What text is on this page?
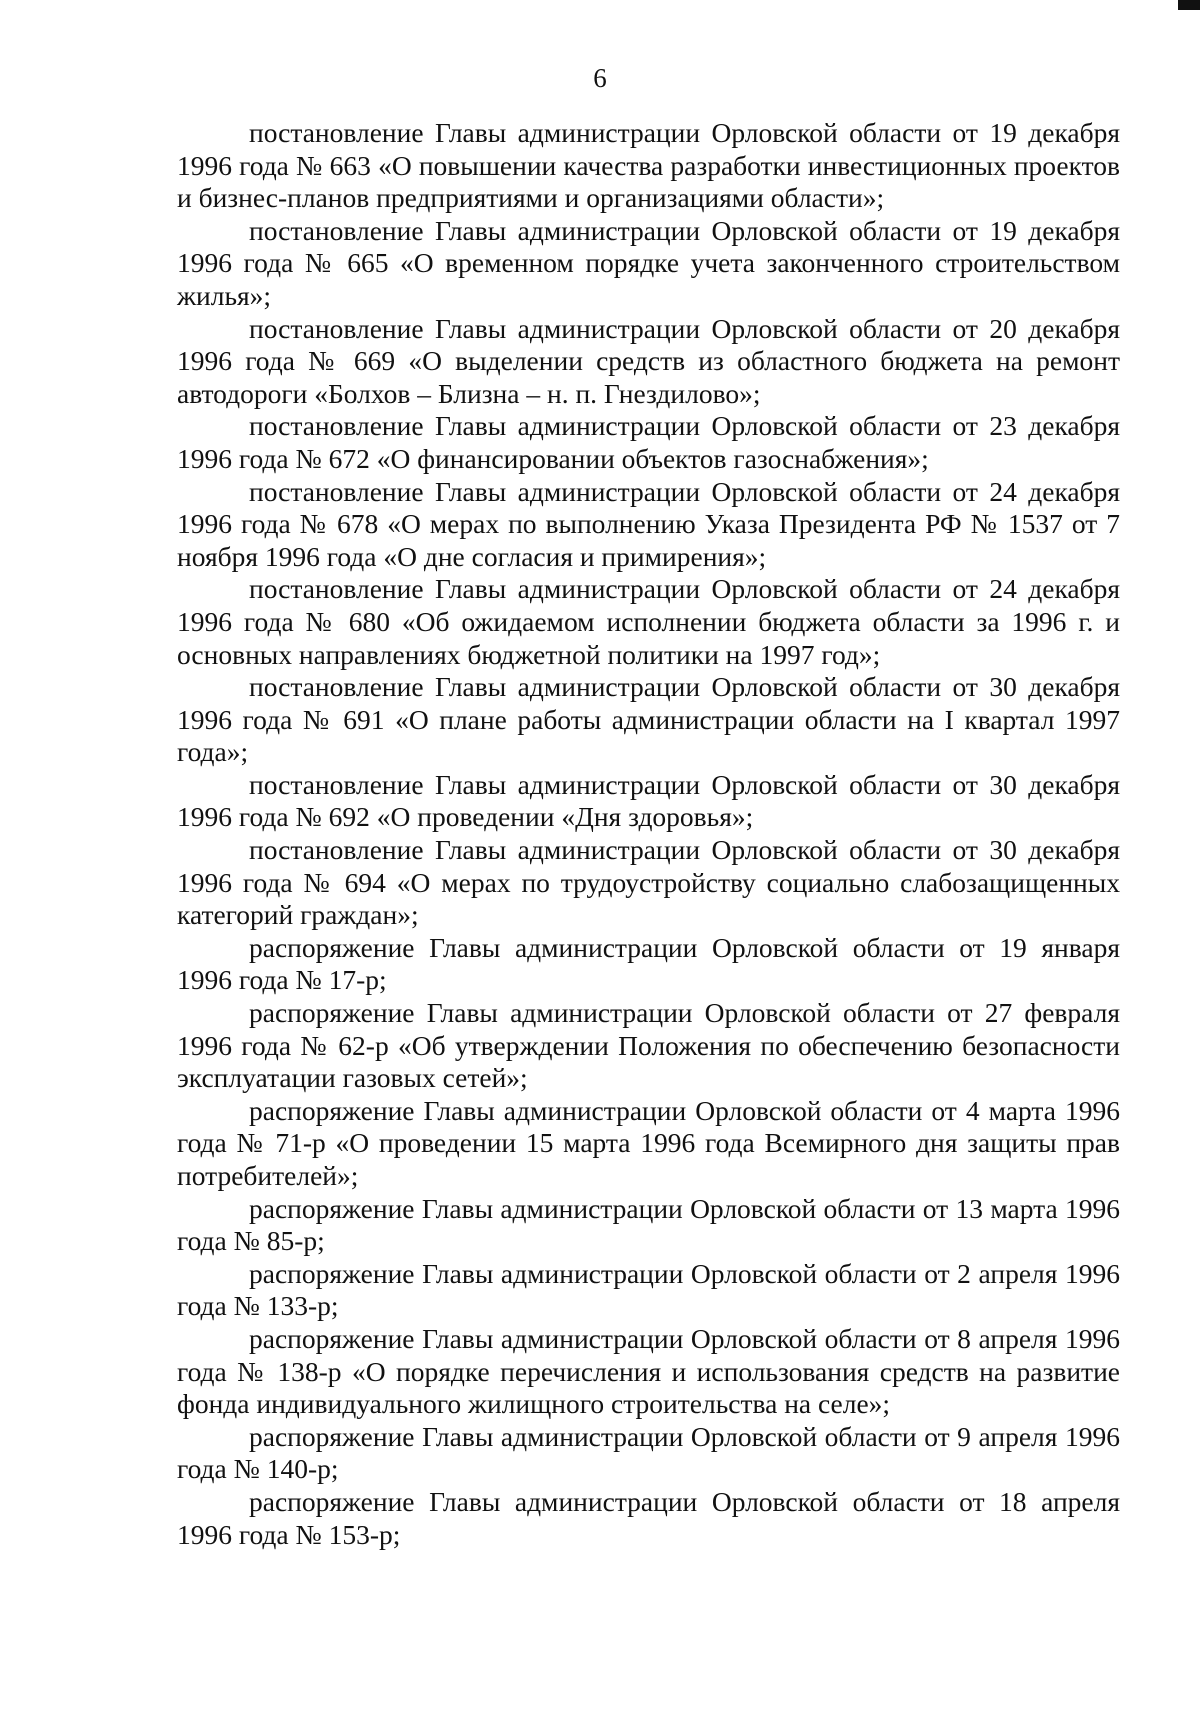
6

постановление Главы администрации Орловской области от 19 декабря 1996 года № 663 «О повышении качества разработки инвестиционных проектов и бизнес-планов предприятиями и организациями области»;

постановление Главы администрации Орловской области от 19 декабря 1996 года № 665 «О временном порядке учета законченного строительством жилья»;

постановление Главы администрации Орловской области от 20 декабря 1996 года № 669 «О выделении средств из областного бюджета на ремонт автодороги «Болхов – Близна – н. п. Гнездилово»;

постановление Главы администрации Орловской области от 23 декабря 1996 года № 672 «О финансировании объектов газоснабжения»;

постановление Главы администрации Орловской области от 24 декабря 1996 года № 678 «О мерах по выполнению Указа Президента РФ № 1537 от 7 ноября 1996 года «О дне согласия и примирения»;

постановление Главы администрации Орловской области от 24 декабря 1996 года № 680 «Об ожидаемом исполнении бюджета области за 1996 г. и основных направлениях бюджетной политики на 1997 год»;

постановление Главы администрации Орловской области от 30 декабря 1996 года № 691 «О плане работы администрации области на I квартал 1997 года»;

постановление Главы администрации Орловской области от 30 декабря 1996 года № 692 «О проведении «Дня здоровья»;

постановление Главы администрации Орловской области от 30 декабря 1996 года № 694 «О мерах по трудоустройству социально слабозащищенных категорий граждан»;

распоряжение Главы администрации Орловской области от 19 января 1996 года № 17-р;

распоряжение Главы администрации Орловской области от 27 февраля 1996 года № 62-р «Об утверждении Положения по обеспечению безопасности эксплуатации газовых сетей»;

распоряжение Главы администрации Орловской области от 4 марта 1996 года № 71-р «О проведении 15 марта 1996 года Всемирного дня защиты прав потребителей»;

распоряжение Главы администрации Орловской области от 13 марта 1996 года № 85-р;

распоряжение Главы администрации Орловской области от 2 апреля 1996 года № 133-р;

распоряжение Главы администрации Орловской области от 8 апреля 1996 года № 138-р «О порядке перечисления и использования средств на развитие фонда индивидуального жилищного строительства на селе»;

распоряжение Главы администрации Орловской области от 9 апреля 1996 года № 140-р;

распоряжение Главы администрации Орловской области от 18 апреля 1996 года № 153-р;
